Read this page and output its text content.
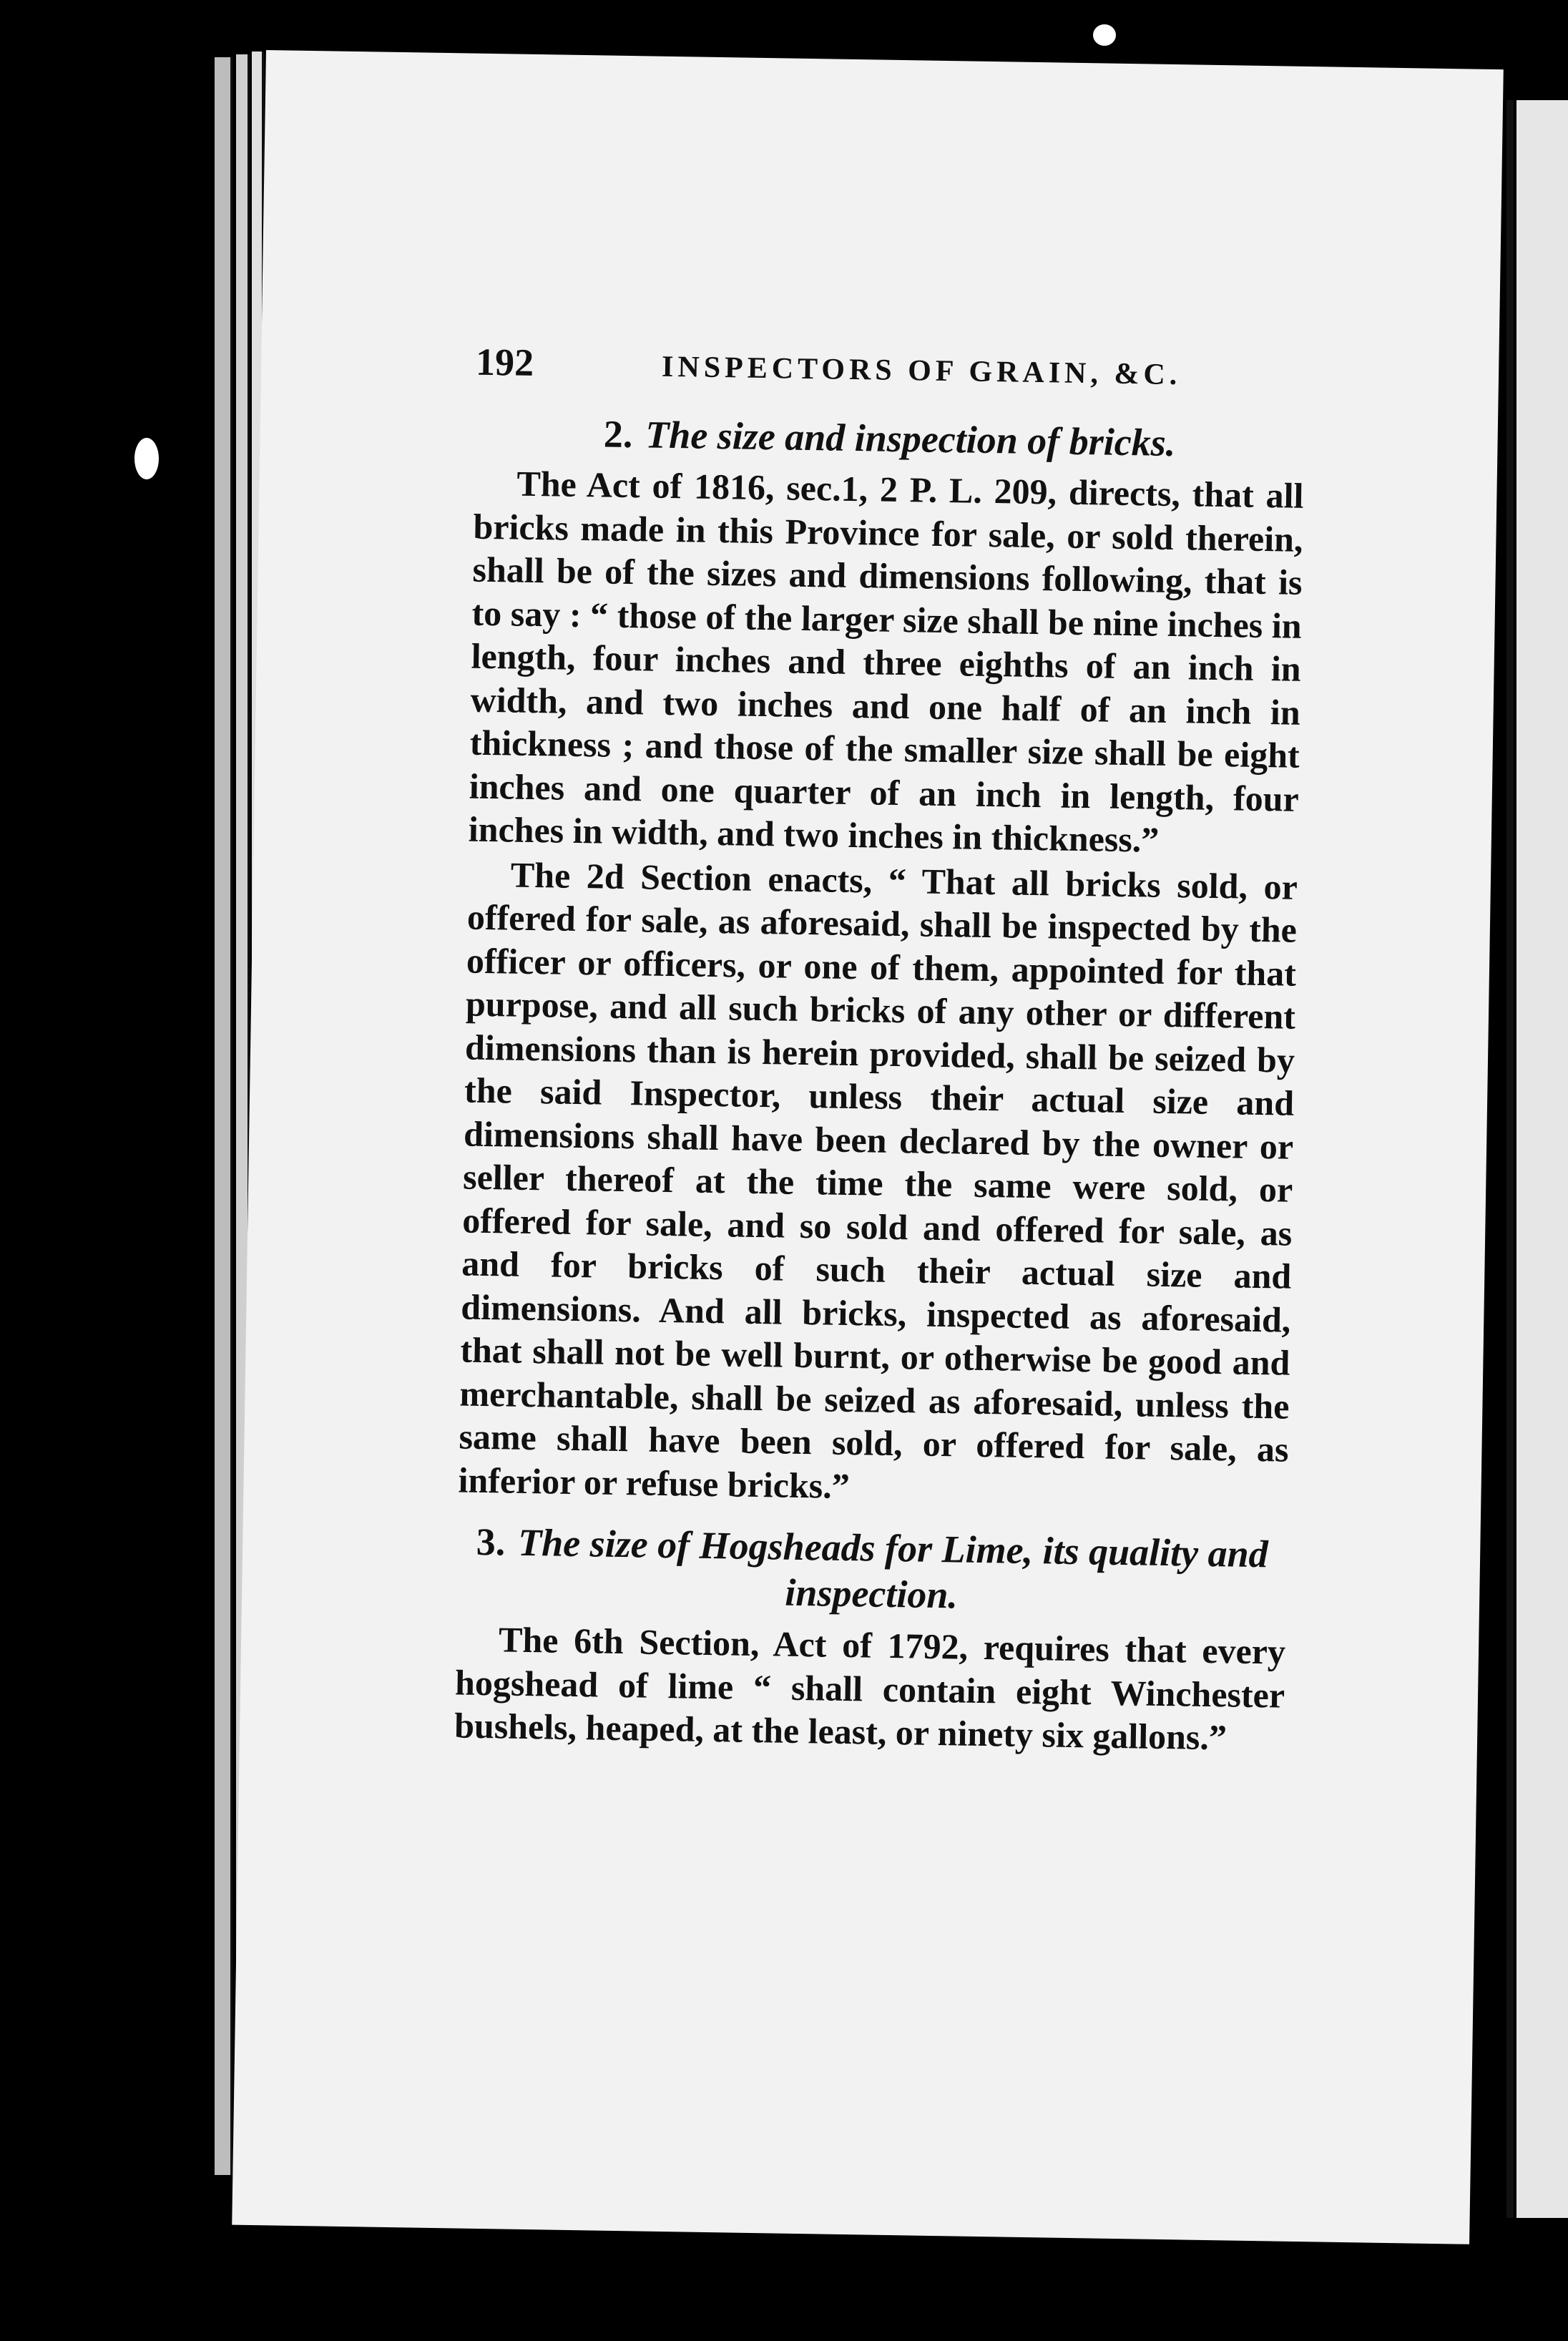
192	INSPECTORS OF GRAIN, &C.
2. The size and inspection of bricks.

The Act of 1816, sec.1, 2 P. L. 209, directs, that all bricks made in this Province for sale, or sold therein, shall be of the sizes and dimensions following, that is to say : “ those of the larger size shall be nine inches in length, four inches and three eighths of an inch in width, and two inches and one half of an inch in thickness ; and those of the smaller size shall be eight inches and one quarter of an inch in length, four inches in width, and two inches in thickness.”

The 2d Section enacts, “ That all bricks sold, or offered for sale, as aforesaid, shall be inspected by the officer or officers, or one of them, appointed for that purpose, and all such bricks of any other or different dimensions than is herein provided, shall be seized by the said Inspector, unless their actual size and dimensions shall have been declared by the owner or seller thereof at the time the same were sold, or offered for sale, and so sold and offered for sale, as and for bricks of such their actual size and dimensions. And all bricks, inspected as aforesaid, that shall not be well burnt, or otherwise be good and merchantable, shall be seized as aforesaid, unless the same shall have been sold, or offered for sale, as inferior or refuse bricks.”

3. The size of Hogsheads for Lime, its quality and inspection.

The 6th Section, Act of 1792, requires that every hogshead of lime “ shall contain eight Winchester bushels, heaped, at the least, or ninety six gallons.”
